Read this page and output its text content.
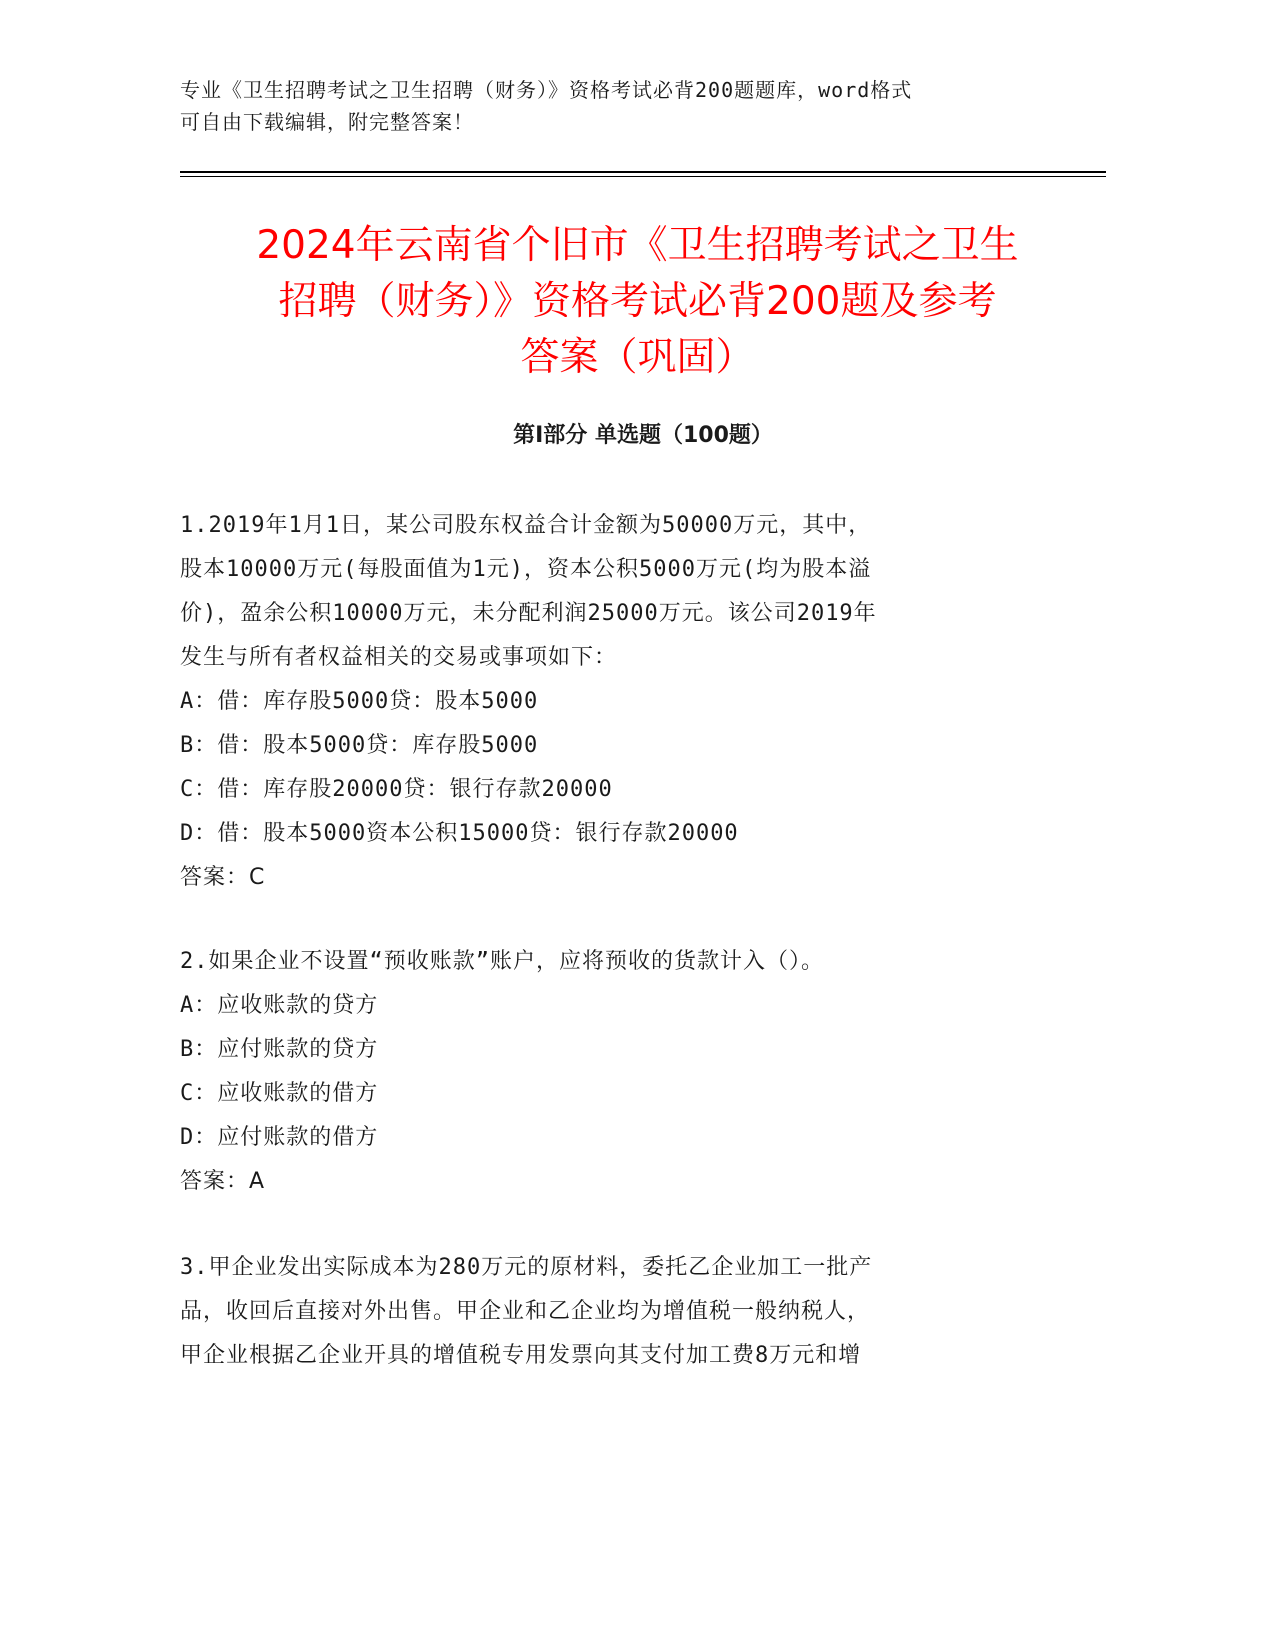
专业《卫生招聘考试之卫生招聘（财务）》资格考试必背200题题库，word格式
可自由下载编辑，附完整答案！
2024年云南省个旧市《卫生招聘考试之卫生
招聘（财务）》资格考试必背200题及参考
答案（巩固）
第Ⅰ部分 单选题（100题）

1.2019年1月1日，某公司股东权益合计金额为50000万元，其中，

股本10000万元(每股面值为1元)，资本公积5000万元(均为股本溢

价)，盈余公积10000万元，未分配利润25000万元。该公司2019年

发生与所有者权益相关的交易或事项如下：

A：借：库存股5000贷：股本5000

B：借：股本5000贷：库存股5000

C：借：库存股20000贷：银行存款20000

D：借：股本5000资本公积15000贷：银行存款20000

答案：C

2.如果企业不设置“预收账款”账户，应将预收的货款计入（）。

A：应收账款的贷方

B：应付账款的贷方

C：应收账款的借方

D：应付账款的借方

答案：A

3.甲企业发出实际成本为280万元的原材料，委托乙企业加工一批产

品，收回后直接对外出售。甲企业和乙企业均为增值税一般纳税人，

甲企业根据乙企业开具的增值税专用发票向其支付加工费8万元和增
